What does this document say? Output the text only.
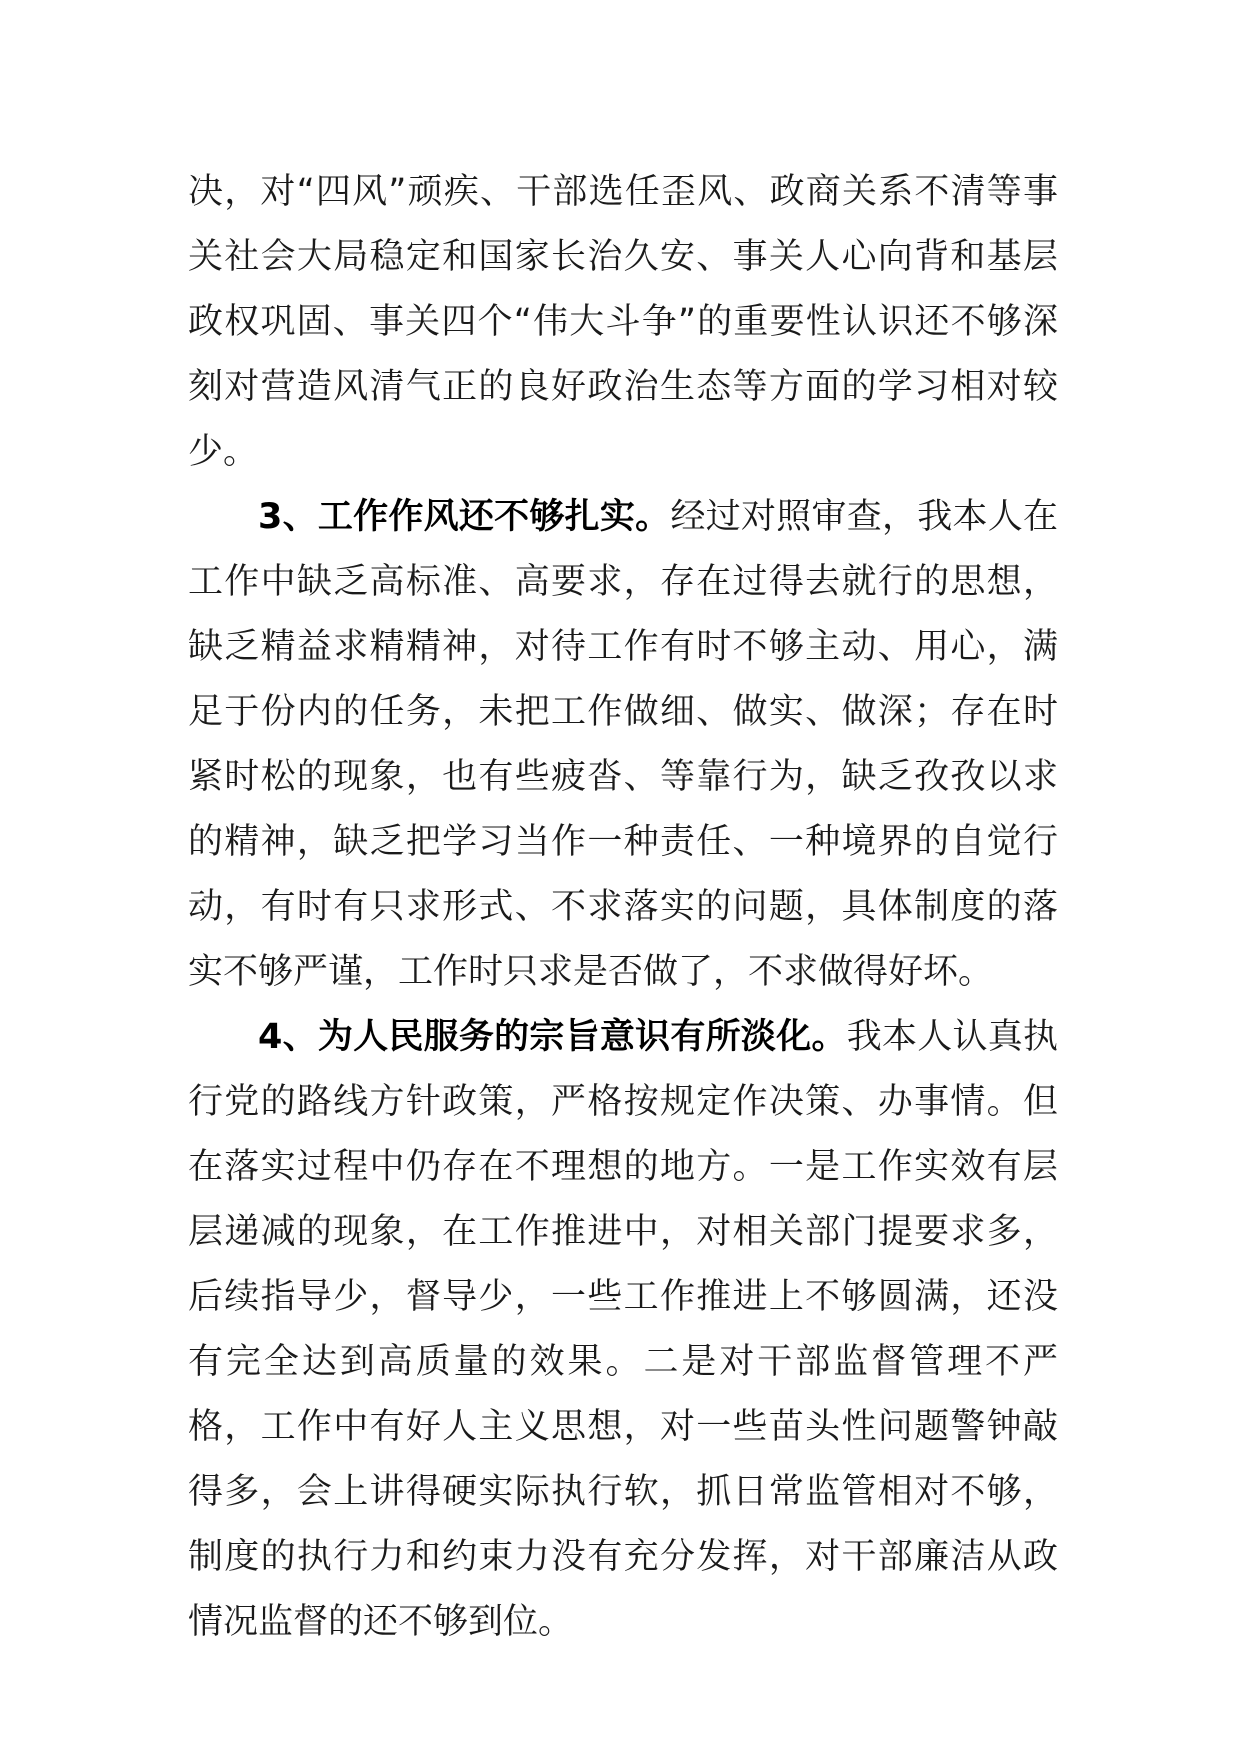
决，对“四风”顽疾、干部选任歪风、政商关系不清等事关社会大局稳定和国家长治久安、事关人心向背和基层政权巩固、事关四个“伟大斗争”的重要性认识还不够深刻对营造风清气正的良好政治生态等方面的学习相对较少。

3、工作作风还不够扎实。经过对照审查，我本人在工作中缺乏高标准、高要求，存在过得去就行的思想，缺乏精益求精精神，对待工作有时不够主动、用心，满足于份内的任务，未把工作做细、做实、做深；存在时紧时松的现象，也有些疲沓、等靠行为，缺乏孜孜以求的精神，缺乏把学习当作一种责任、一种境界的自觉行动，有时有只求形式、不求落实的问题，具体制度的落实不够严谨，工作时只求是否做了，不求做得好坏。

4、为人民服务的宗旨意识有所淡化。我本人认真执行党的路线方针政策，严格按规定作决策、办事情。但在落实过程中仍存在不理想的地方。一是工作实效有层层递减的现象，在工作推进中，对相关部门提要求多，后续指导少，督导少，一些工作推进上不够圆满，还没有完全达到高质量的效果。二是对干部监督管理不严格，工作中有好人主义思想，对一些苗头性问题警钟敲得多，会上讲得硬实际执行软，抓日常监管相对不够，制度的执行力和约束力没有充分发挥，对干部廉洁从政情况监督的还不够到位。
